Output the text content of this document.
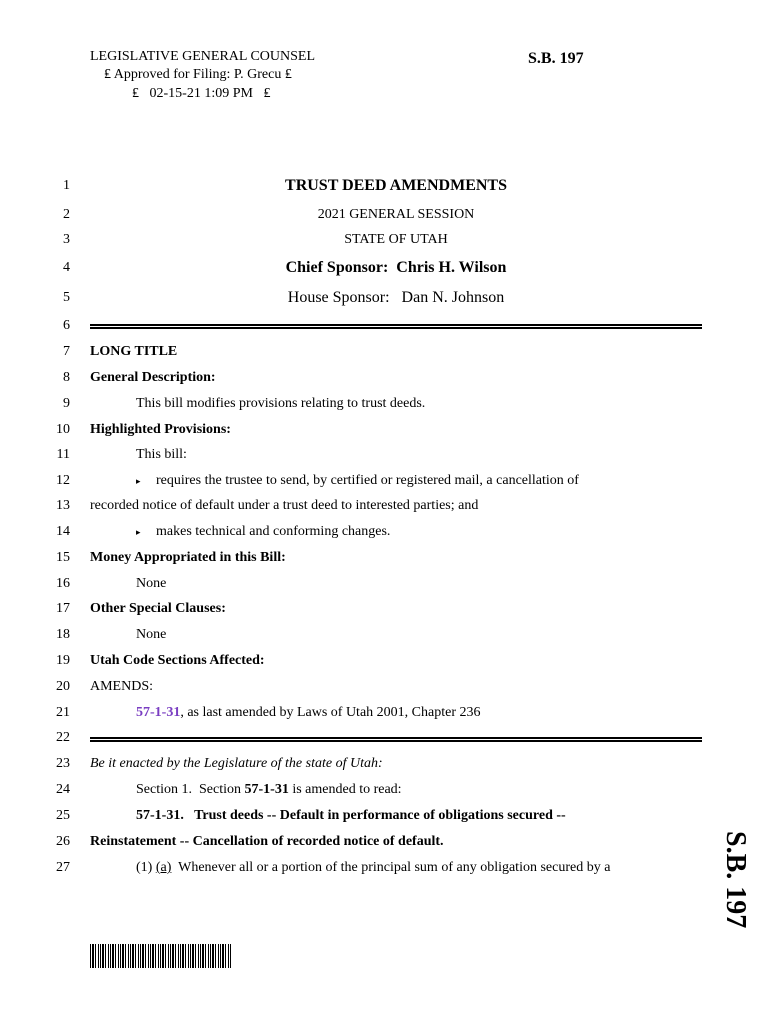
LEGISLATIVE GENERAL COUNSEL
₤ Approved for Filing: P. Grecu ₤
₤   02-15-21 1:09 PM   ₤
S.B. 197
1
2
3
4
5
6
7
8
9
10
11
12
13
14
15
16
17
18
19
20
21
22
23
24
25
26
27
TRUST DEED AMENDMENTS
2021 GENERAL SESSION
STATE OF UTAH
Chief Sponsor:  Chris H. Wilson
House Sponsor:   Dan N. Johnson
LONG TITLE
General Description:
This bill modifies provisions relating to trust deeds.
Highlighted Provisions:
This bill:
▸ requires the trustee to send, by certified or registered mail, a cancellation of
recorded notice of default under a trust deed to interested parties; and
▸ makes technical and conforming changes.
Money Appropriated in this Bill:
None
Other Special Clauses:
None
Utah Code Sections Affected:
AMENDS:
57-1-31, as last amended by Laws of Utah 2001, Chapter 236
Be it enacted by the Legislature of the state of Utah:
Section 1.  Section 57-1-31 is amended to read:
57-1-31.   Trust deeds -- Default in performance of obligations secured --
Reinstatement -- Cancellation of recorded notice of default.
(1) (a)  Whenever all or a portion of the principal sum of any obligation secured by a	S.B. 197
